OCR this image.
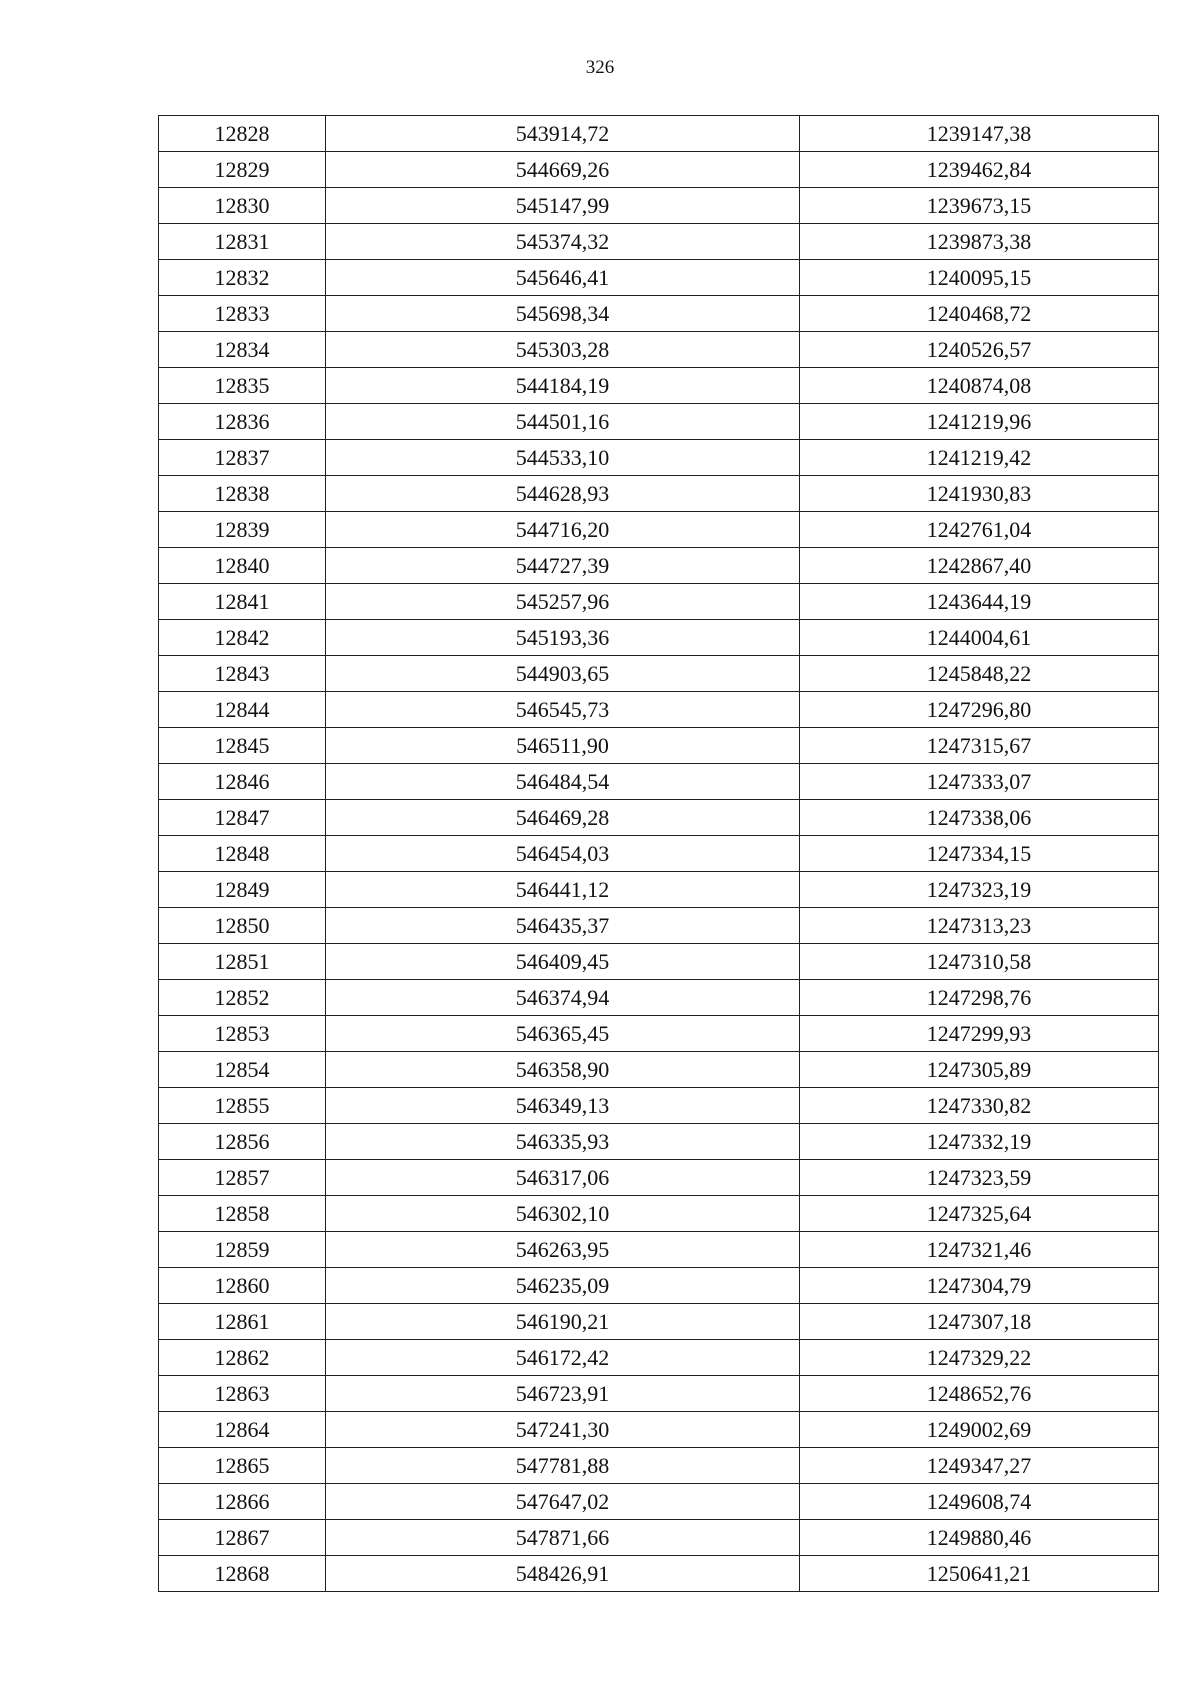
326
12828	543914,72	1239147,38
12829	544669,26	1239462,84
12830	545147,99	1239673,15
12831	545374,32	1239873,38
12832	545646,41	1240095,15
12833	545698,34	1240468,72
12834	545303,28	1240526,57
12835	544184,19	1240874,08
12836	544501,16	1241219,96
12837	544533,10	1241219,42
12838	544628,93	1241930,83
12839	544716,20	1242761,04
12840	544727,39	1242867,40
12841	545257,96	1243644,19
12842	545193,36	1244004,61
12843	544903,65	1245848,22
12844	546545,73	1247296,80
12845	546511,90	1247315,67
12846	546484,54	1247333,07
12847	546469,28	1247338,06
12848	546454,03	1247334,15
12849	546441,12	1247323,19
12850	546435,37	1247313,23
12851	546409,45	1247310,58
12852	546374,94	1247298,76
12853	546365,45	1247299,93
12854	546358,90	1247305,89
12855	546349,13	1247330,82
12856	546335,93	1247332,19
12857	546317,06	1247323,59
12858	546302,10	1247325,64
12859	546263,95	1247321,46
12860	546235,09	1247304,79
12861	546190,21	1247307,18
12862	546172,42	1247329,22
12863	546723,91	1248652,76
12864	547241,30	1249002,69
12865	547781,88	1249347,27
12866	547647,02	1249608,74
12867	547871,66	1249880,46
12868	548426,91	1250641,21
